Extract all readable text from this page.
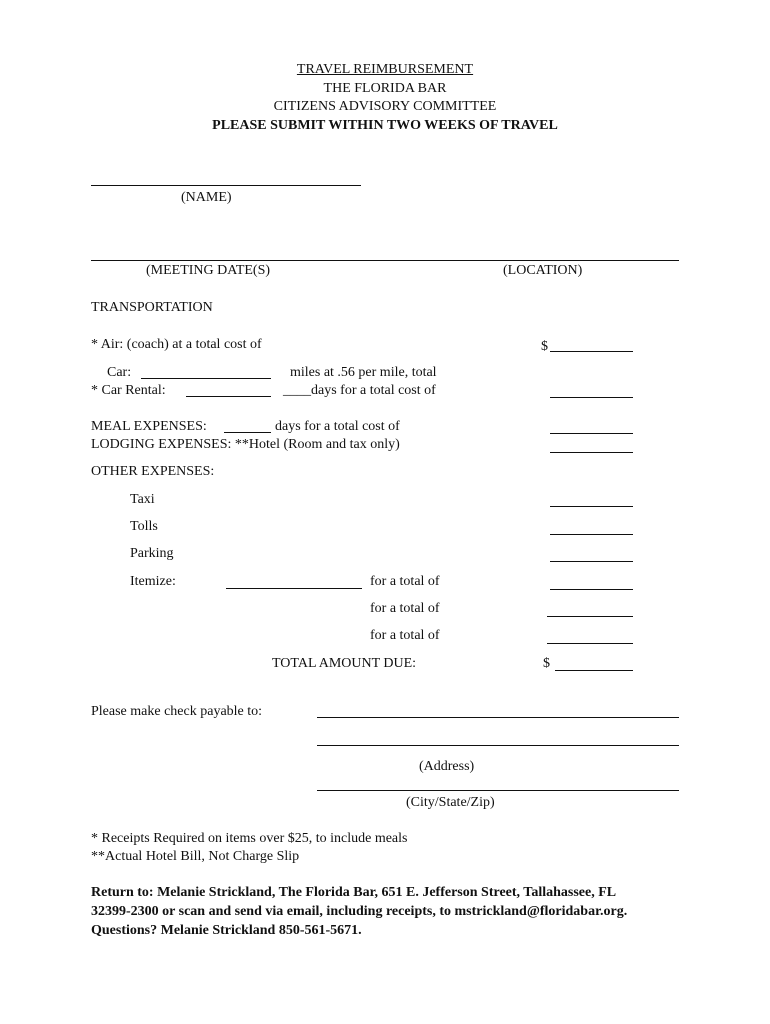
TRAVEL REIMBURSEMENT
THE FLORIDA BAR
CITIZENS ADVISORY COMMITTEE
PLEASE SUBMIT WITHIN TWO WEEKS OF TRAVEL
(NAME)
(MEETING DATE(S)	(LOCATION)
TRANSPORTATION
* Air: (coach) at a total cost of	$
Car:	miles at .56 per mile, total
* Car Rental:	____days for a total cost of
MEAL EXPENSES:	days for a total cost of
LODGING EXPENSES: **Hotel (Room and tax only)
OTHER EXPENSES:
Taxi
Tolls
Parking
Itemize:	for a total of
for a total of
for a total of
TOTAL AMOUNT DUE:	$
Please make check payable to:
(Address)
(City/State/Zip)
* Receipts Required on items over $25, to include meals
**Actual Hotel Bill, Not Charge Slip
Return to: Melanie Strickland, The Florida Bar, 651 E. Jefferson Street, Tallahassee, FL
32399-2300 or scan and send via email, including receipts, to mstrickland@floridabar.org.
Questions? Melanie Strickland 850-561-5671.
